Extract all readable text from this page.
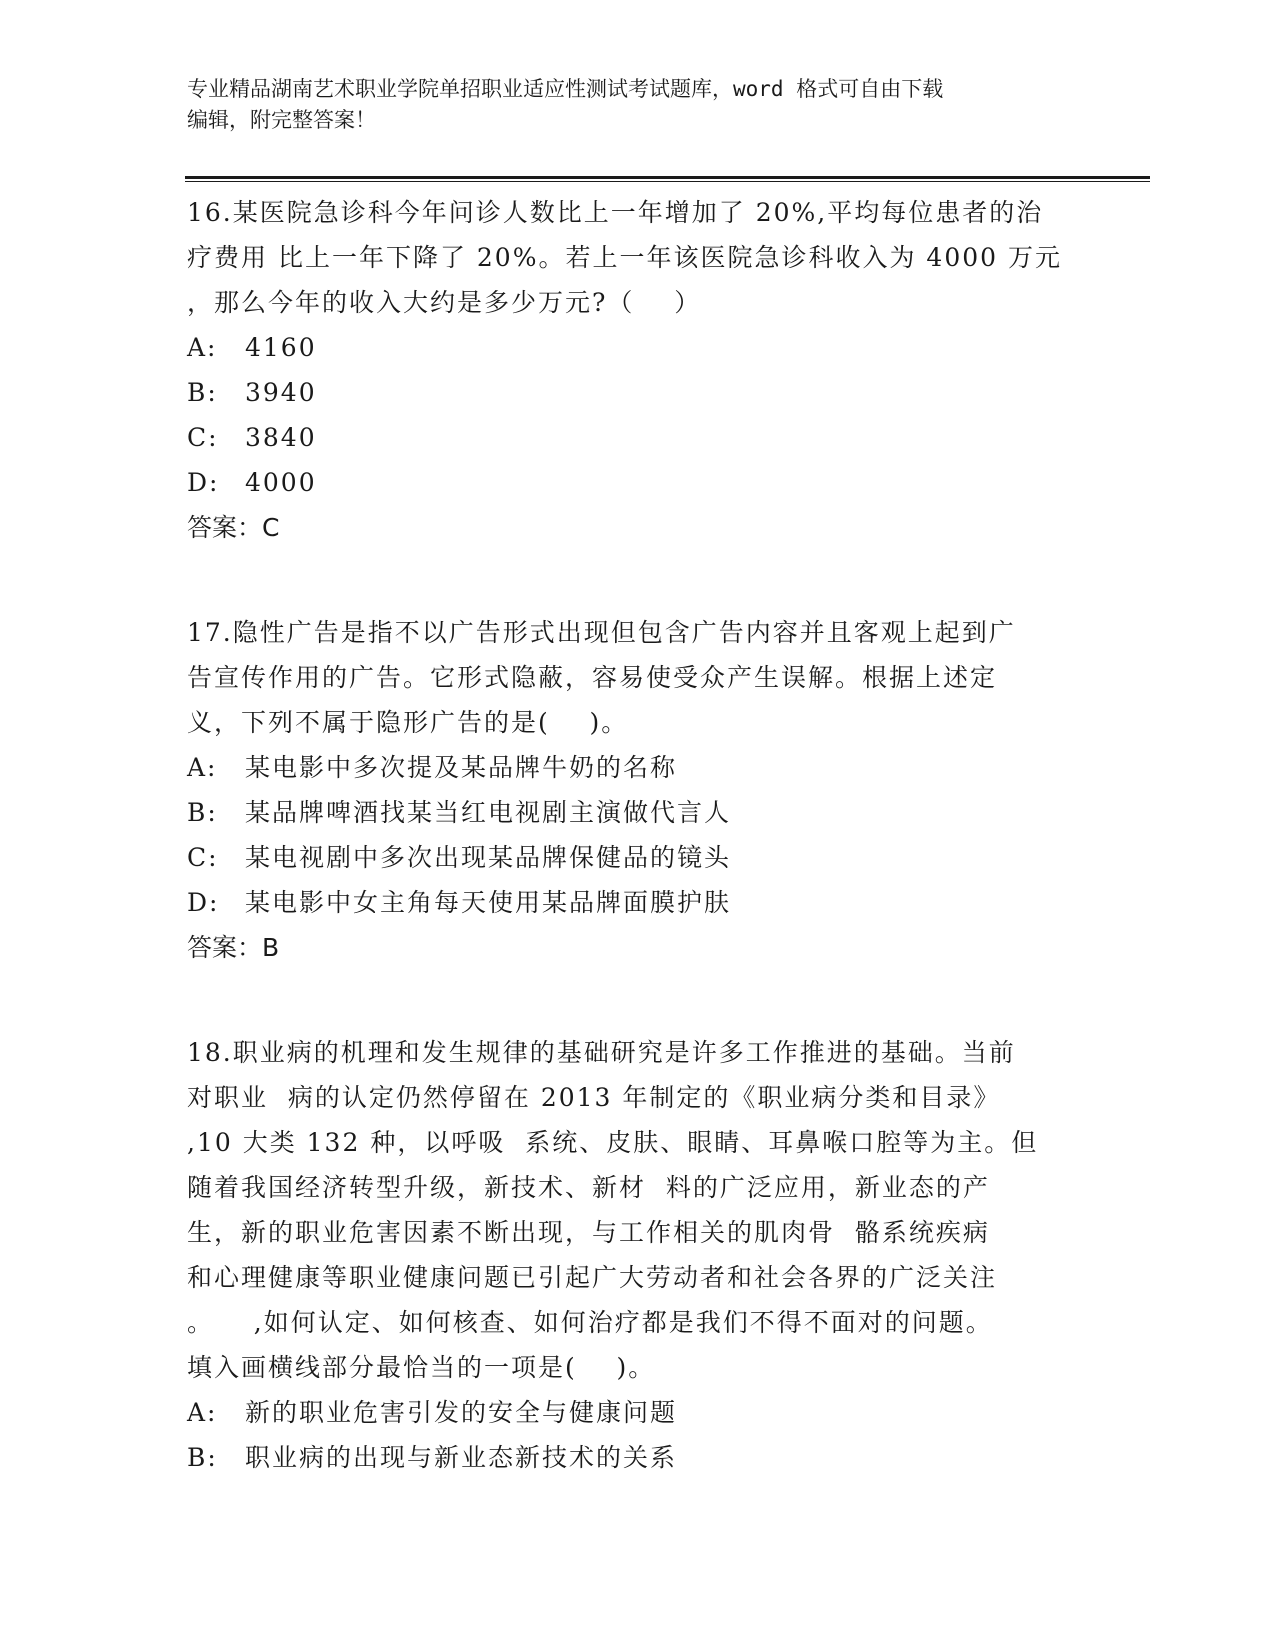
专业精品湖南艺术职业学院单招职业适应性测试考试题库，word 格式可自由下载
编辑，附完整答案！

16.某医院急诊科今年问诊人数比上一年增加了 20%,平均每位患者的治

疗费用 比上一年下降了 20%。若上一年该医院急诊科收入为 4000 万元

，那么今年的收入大约是多少万元?（    ）

A: 4160

B: 3940

C: 3840

D: 4000

答案：C

17.隐性广告是指不以广告形式出现但包含广告内容并且客观上起到广

告宣传作用的广告。它形式隐蔽，容易使受众产生误解。根据上述定

义，下列不属于隐形广告的是(    )。

A: 某电影中多次提及某品牌牛奶的名称

B: 某品牌啤酒找某当红电视剧主演做代言人

C: 某电视剧中多次出现某品牌保健品的镜头

D: 某电影中女主角每天使用某品牌面膜护肤

答案：B

18.职业病的机理和发生规律的基础研究是许多工作推进的基础。当前

对职业  病的认定仍然停留在 2013 年制定的《职业病分类和目录》

,10 大类 132 种，以呼吸  系统、皮肤、眼睛、耳鼻喉口腔等为主。但

随着我国经济转型升级，新技术、新材  料的广泛应用，新业态的产

生，新的职业危害因素不断出现，与工作相关的肌肉骨  骼系统疾病

和心理健康等职业健康问题已引起广大劳动者和社会各界的广泛关注

。    ,如何认定、如何核查、如何治疗都是我们不得不面对的问题。

填入画横线部分最恰当的一项是(    )。

A: 新的职业危害引发的安全与健康问题

B: 职业病的出现与新业态新技术的关系
